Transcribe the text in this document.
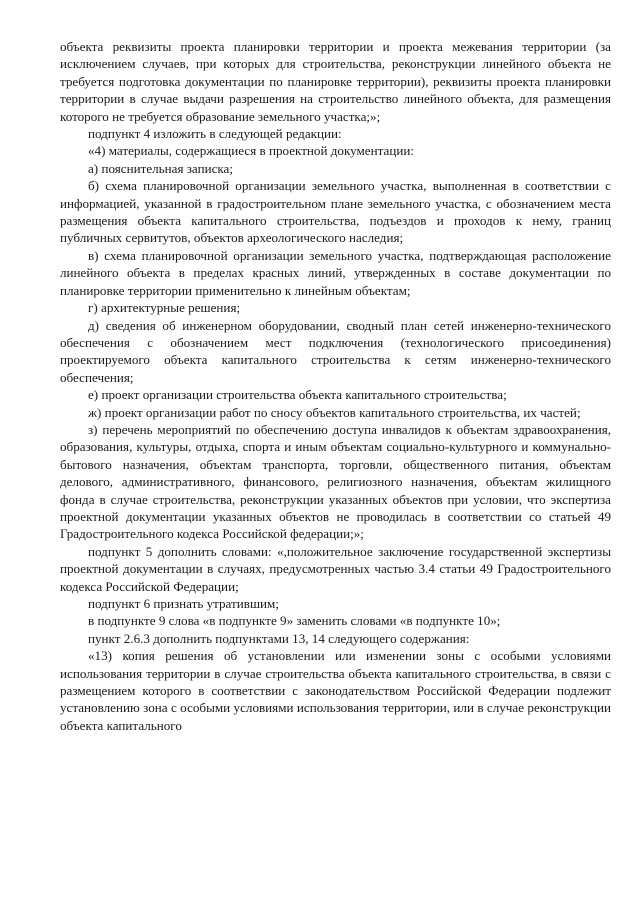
объекта реквизиты проекта планировки территории и проекта межевания территории (за исключением случаев, при которых для строительства, реконструкции линейного объекта не требуется подготовка документации по планировке территории), реквизиты проекта планировки территории в случае выдачи разрешения на строительство линейного объекта, для размещения которого не требуется образование земельного участка;»;

подпункт 4 изложить в следующей редакции:

«4) материалы, содержащиеся в проектной документации:

а) пояснительная записка;

б) схема планировочной организации земельного участка, выполненная в соответствии с информацией, указанной в градостроительном плане земельного участка, с обозначением места размещения объекта капитального строительства, подъездов и проходов к нему, границ публичных сервитутов, объектов археологического наследия;

в) схема планировочной организации земельного участка, подтверждающая расположение линейного объекта в пределах красных линий, утвержденных в составе документации по планировке территории применительно к линейным объектам;

г) архитектурные решения;

д) сведения об инженерном оборудовании, сводный план сетей инженерно-технического обеспечения с обозначением мест подключения (технологического присоединения) проектируемого объекта капитального строительства к сетям инженерно-технического обеспечения;

е) проект организации строительства объекта капитального строительства;

ж) проект организации работ по сносу объектов капитального строительства, их частей;

з) перечень мероприятий по обеспечению доступа инвалидов к объектам здравоохранения, образования, культуры, отдыха, спорта и иным объектам социально-культурного и коммунально-бытового назначения, объектам транспорта, торговли, общественного питания, объектам делового, административного, финансового, религиозного назначения, объектам жилищного фонда в случае строительства, реконструкции указанных объектов при условии, что экспертиза проектной документации указанных объектов не проводилась в соответствии со статьей 49 Градостроительного кодекса Российской федерации;»;

подпункт 5 дополнить словами: «,положительное заключение государственной экспертизы проектной документации в случаях, предусмотренных частью 3.4 статьи 49 Градостроительного кодекса Российской Федерации;

подпункт 6 признать утратившим;

в подпункте 9 слова «в подпункте 9» заменить словами «в подпункте 10»;

пункт 2.6.3 дополнить подпунктами 13, 14 следующего содержания:

«13) копия решения об установлении или изменении зоны с особыми условиями использования территории в случае строительства объекта капитального строительства, в связи с размещением которого в соответствии с законодательством Российской Федерации подлежит установлению зона с особыми условиями использования территории, или в случае реконструкции объекта капитального
